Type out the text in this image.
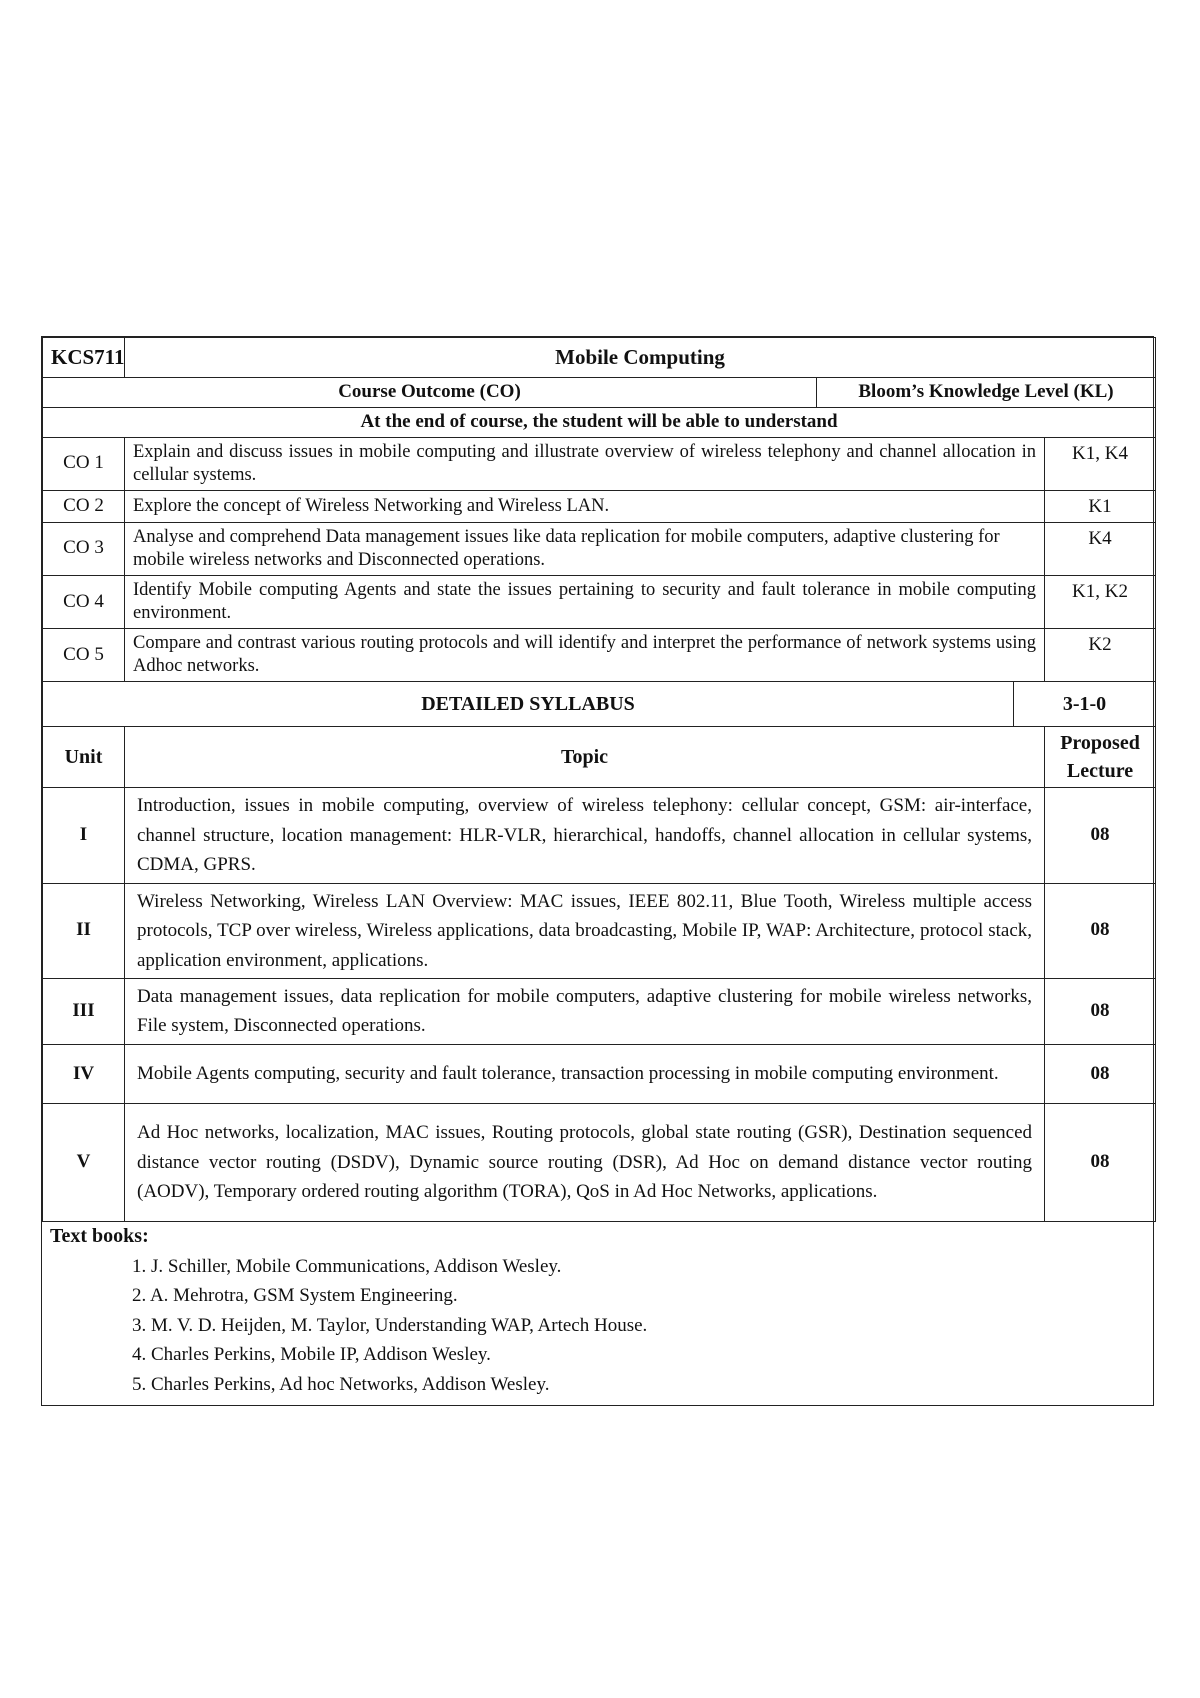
KCS711	Mobile Computing			
Course Outcome (CO)		Bloom’s Knowledge Level (KL)		
At the end of course, the student will be able to understand				
CO 1	Explain and discuss issues in mobile computing and illustrate overview of wireless telephony and channel allocation in cellular systems.			K1, K4
CO 2	Explore the concept of Wireless Networking and Wireless LAN.			K1
CO 3	Analyse and comprehend Data management issues like data replication for mobile computers, adaptive clustering for mobile wireless networks and Disconnected operations.			K4
CO 4	Identify Mobile computing Agents and state the issues pertaining to security and fault tolerance in mobile computing environment.			K1, K2
CO 5	Compare and contrast various routing protocols and will identify and interpret the performance of network systems using Adhoc networks.			K2
DETAILED SYLLABUS			3-1-0	
Unit	Topic			Proposed Lecture
I	Introduction, issues in mobile computing, overview of wireless telephony: cellular concept, GSM: air-interface, channel structure, location management: HLR-VLR, hierarchical, handoffs, channel allocation in cellular systems, CDMA, GPRS.			08
II	Wireless Networking, Wireless LAN Overview: MAC issues, IEEE 802.11, Blue Tooth, Wireless multiple access protocols, TCP over wireless, Wireless applications, data broadcasting, Mobile IP, WAP: Architecture, protocol stack, application environment, applications.			08
III	Data management issues, data replication for mobile computers, adaptive clustering for mobile wireless networks, File system, Disconnected operations.			08
IV	Mobile Agents computing, security and fault tolerance, transaction processing in mobile computing environment.			08
V	Ad Hoc networks, localization, MAC issues, Routing protocols, global state routing (GSR), Destination sequenced distance vector routing (DSDV), Dynamic source routing (DSR), Ad Hoc on demand distance vector routing (AODV), Temporary ordered routing algorithm (TORA), QoS in Ad Hoc Networks, applications.			08
Text books:
1. J. Schiller, Mobile Communications, Addison Wesley.
2. A. Mehrotra, GSM System Engineering.
3. M. V. D. Heijden, M. Taylor, Understanding WAP, Artech House.
4. Charles Perkins, Mobile IP, Addison Wesley.
5. Charles Perkins, Ad hoc Networks, Addison Wesley.
